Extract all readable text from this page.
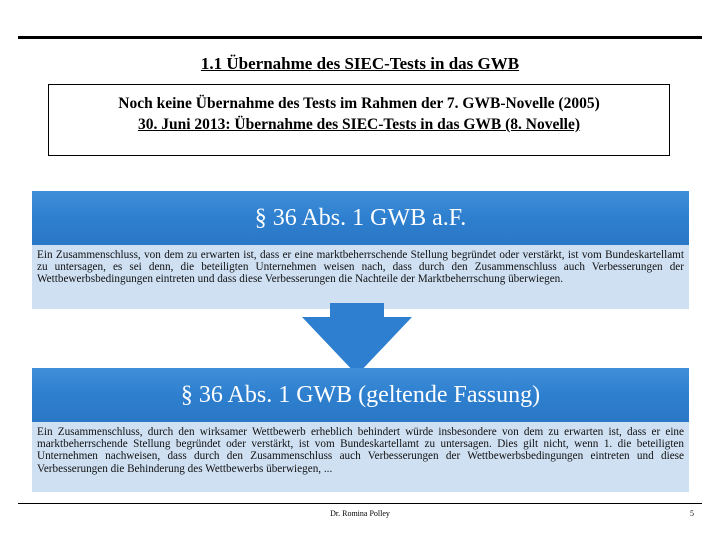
1.1 Übernahme des SIEC-Tests in das GWB
Noch keine Übernahme des Tests im Rahmen der 7. GWB-Novelle (2005)
30. Juni 2013: Übernahme des SIEC-Tests in das GWB (8. Novelle)
§ 36 Abs. 1 GWB a.F.
Ein Zusammenschluss, von dem zu erwarten ist, dass er eine marktbeherrschende Stellung begründet oder verstärkt, ist vom Bundeskartellamt zu untersagen, es sei denn, die beteiligten Unternehmen weisen nach, dass durch den Zusammenschluss auch Verbesserungen der Wettbewerbsbedingungen eintreten und dass diese Verbesserungen die Nachteile der Marktbeherrschung überwiegen.
§ 36 Abs. 1 GWB (geltende Fassung)
Ein Zusammenschluss, durch den wirksamer Wettbewerb erheblich behindert würde insbesondere von dem zu erwarten ist, dass er eine marktbeherrschende Stellung begründet oder verstärkt, ist vom Bundeskartellamt zu untersagen. Dies gilt nicht, wenn 1. die beteiligten Unternehmen nachweisen, dass durch den Zusammenschluss auch Verbesserungen der Wettbewerbsbedingungen eintreten und diese Verbesserungen die Behinderung des Wettbewerbs überwiegen, ...
Dr. Romina Polley	5
